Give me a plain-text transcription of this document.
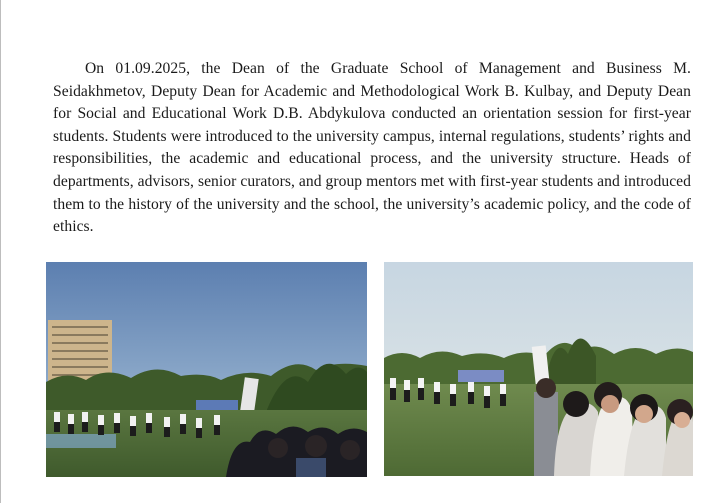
On 01.09.2025, the Dean of the Graduate School of Management and Business M. Seidakhmetov, Deputy Dean for Academic and Methodological Work B. Kulbay, and Deputy Dean for Social and Educational Work D.B. Abdykulova conducted an orientation session for first-year students. Students were introduced to the university campus, internal regulations, students’ rights and responsibilities, the academic and educational process, and the university structure. Heads of departments, advisors, senior curators, and group mentors met with first-year students and introduced them to the history of the university and the school, the university’s academic policy, and the code of ethics.
